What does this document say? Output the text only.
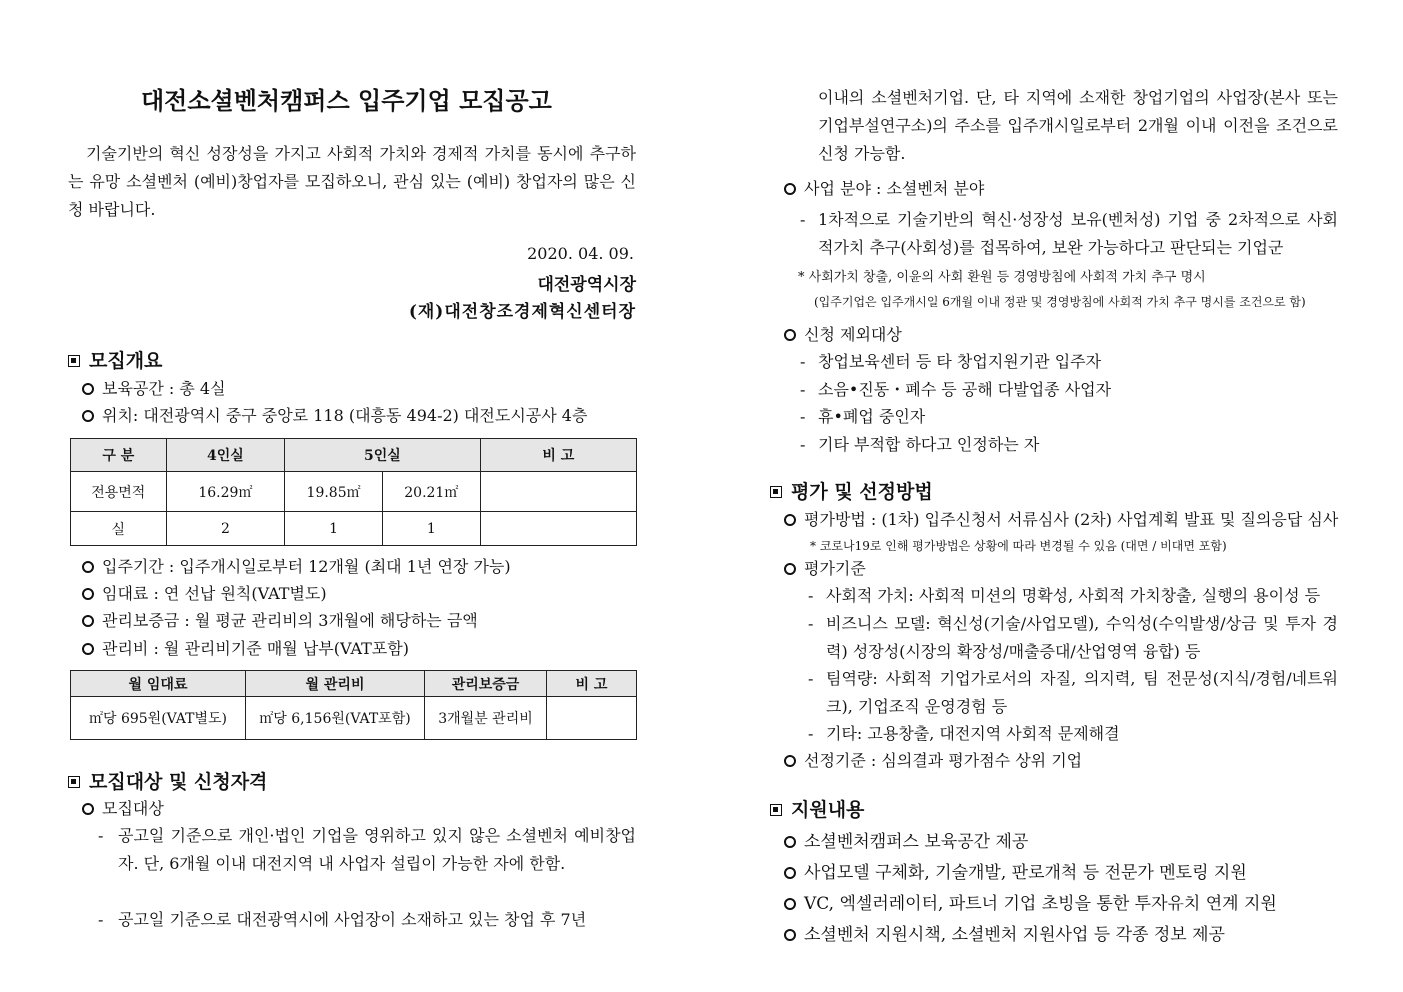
대전소셜벤처캠퍼스 입주기업 모집공고
기술기반의 혁신 성장성을 가지고 사회적 가치와 경제적 가치를 동시에 추구하는 유망 소셜벤처 (예비)창업자를 모집하오니, 관심 있는 (예비) 창업자의 많은 신청 바랍니다.
2020. 04. 09.
대전광역시장
(재)대전창조경제혁신센터장
모집개요
보육공간 : 총 4실
위치: 대전광역시 중구 중앙로 118 (대흥동 494-2) 대전도시공사 4층
구 분	4인실	5인실		비 고
전용면적	16.29㎡	19.85㎡	20.21㎡	
실	2	1	1	
입주기간 : 입주개시일로부터 12개월 (최대 1년 연장 가능)
임대료 : 연 선납 원칙(VAT별도)
관리보증금 : 월 평균 관리비의 3개월에 해당하는 금액
관리비 : 월 관리비기준 매월 납부(VAT포함)
월 임대료	월 관리비	관리보증금	비 고
㎡당 695원(VAT별도)	㎡당 6,156원(VAT포함)	3개월분 관리비	
모집대상 및 신청자격
모집대상
- 공고일 기준으로 개인·법인 기업을 영위하고 있지 않은 소셜벤처 예비창업자. 단, 6개월 이내 대전지역 내 사업자 설립이 가능한 자에 한함.
- 공고일 기준으로 대전광역시에 사업장이 소재하고 있는 창업 후 7년
이내의 소셜벤처기업. 단, 타 지역에 소재한 창업기업의 사업장(본사 또는 기업부설연구소)의 주소를 입주개시일로부터 2개월 이내 이전을 조건으로 신청 가능함.
사업 분야 : 소셜벤처 분야
- 1차적으로 기술기반의 혁신·성장성 보유(벤처성) 기업 중 2차적으로 사회적가치 추구(사회성)를 접목하여, 보완 가능하다고 판단되는 기업군
* 사회가치 창출, 이윤의 사회 환원 등 경영방침에 사회적 가치 추구 명시
(입주기업은 입주개시일 6개월 이내 정관 및 경영방침에 사회적 가치 추구 명시를 조건으로 함)
신청 제외대상
- 창업보육센터 등 타 창업지원기관 입주자
- 소음•진동・폐수 등 공해 다발업종 사업자
- 휴•폐업 중인자
- 기타 부적합 하다고 인정하는 자
평가 및 선정방법
평가방법 : (1차) 입주신청서 서류심사 (2차) 사업계획 발표 및 질의응답 심사
* 코로나19로 인해 평가방법은 상황에 따라 변경될 수 있음 (대면 / 비대면 포함)
평가기준
- 사회적 가치: 사회적 미션의 명확성, 사회적 가치창출, 실행의 용이성 등
- 비즈니스 모델: 혁신성(기술/사업모델), 수익성(수익발생/상금 및 투자 경력) 성장성(시장의 확장성/매출증대/산업영역 융합) 등
- 팀역량: 사회적 기업가로서의 자질, 의지력, 팀 전문성(지식/경험/네트워크), 기업조직 운영경험 등
- 기타: 고용창출, 대전지역 사회적 문제해결
선정기준 : 심의결과 평가점수 상위 기업
지원내용
소셜벤처캠퍼스 보육공간 제공
사업모델 구체화, 기술개발, 판로개척 등 전문가 멘토링 지원
VC, 엑셀러레이터, 파트너 기업 초빙을 통한 투자유치 연계 지원
소셜벤처 지원시책, 소셜벤처 지원사업 등 각종 정보 제공
